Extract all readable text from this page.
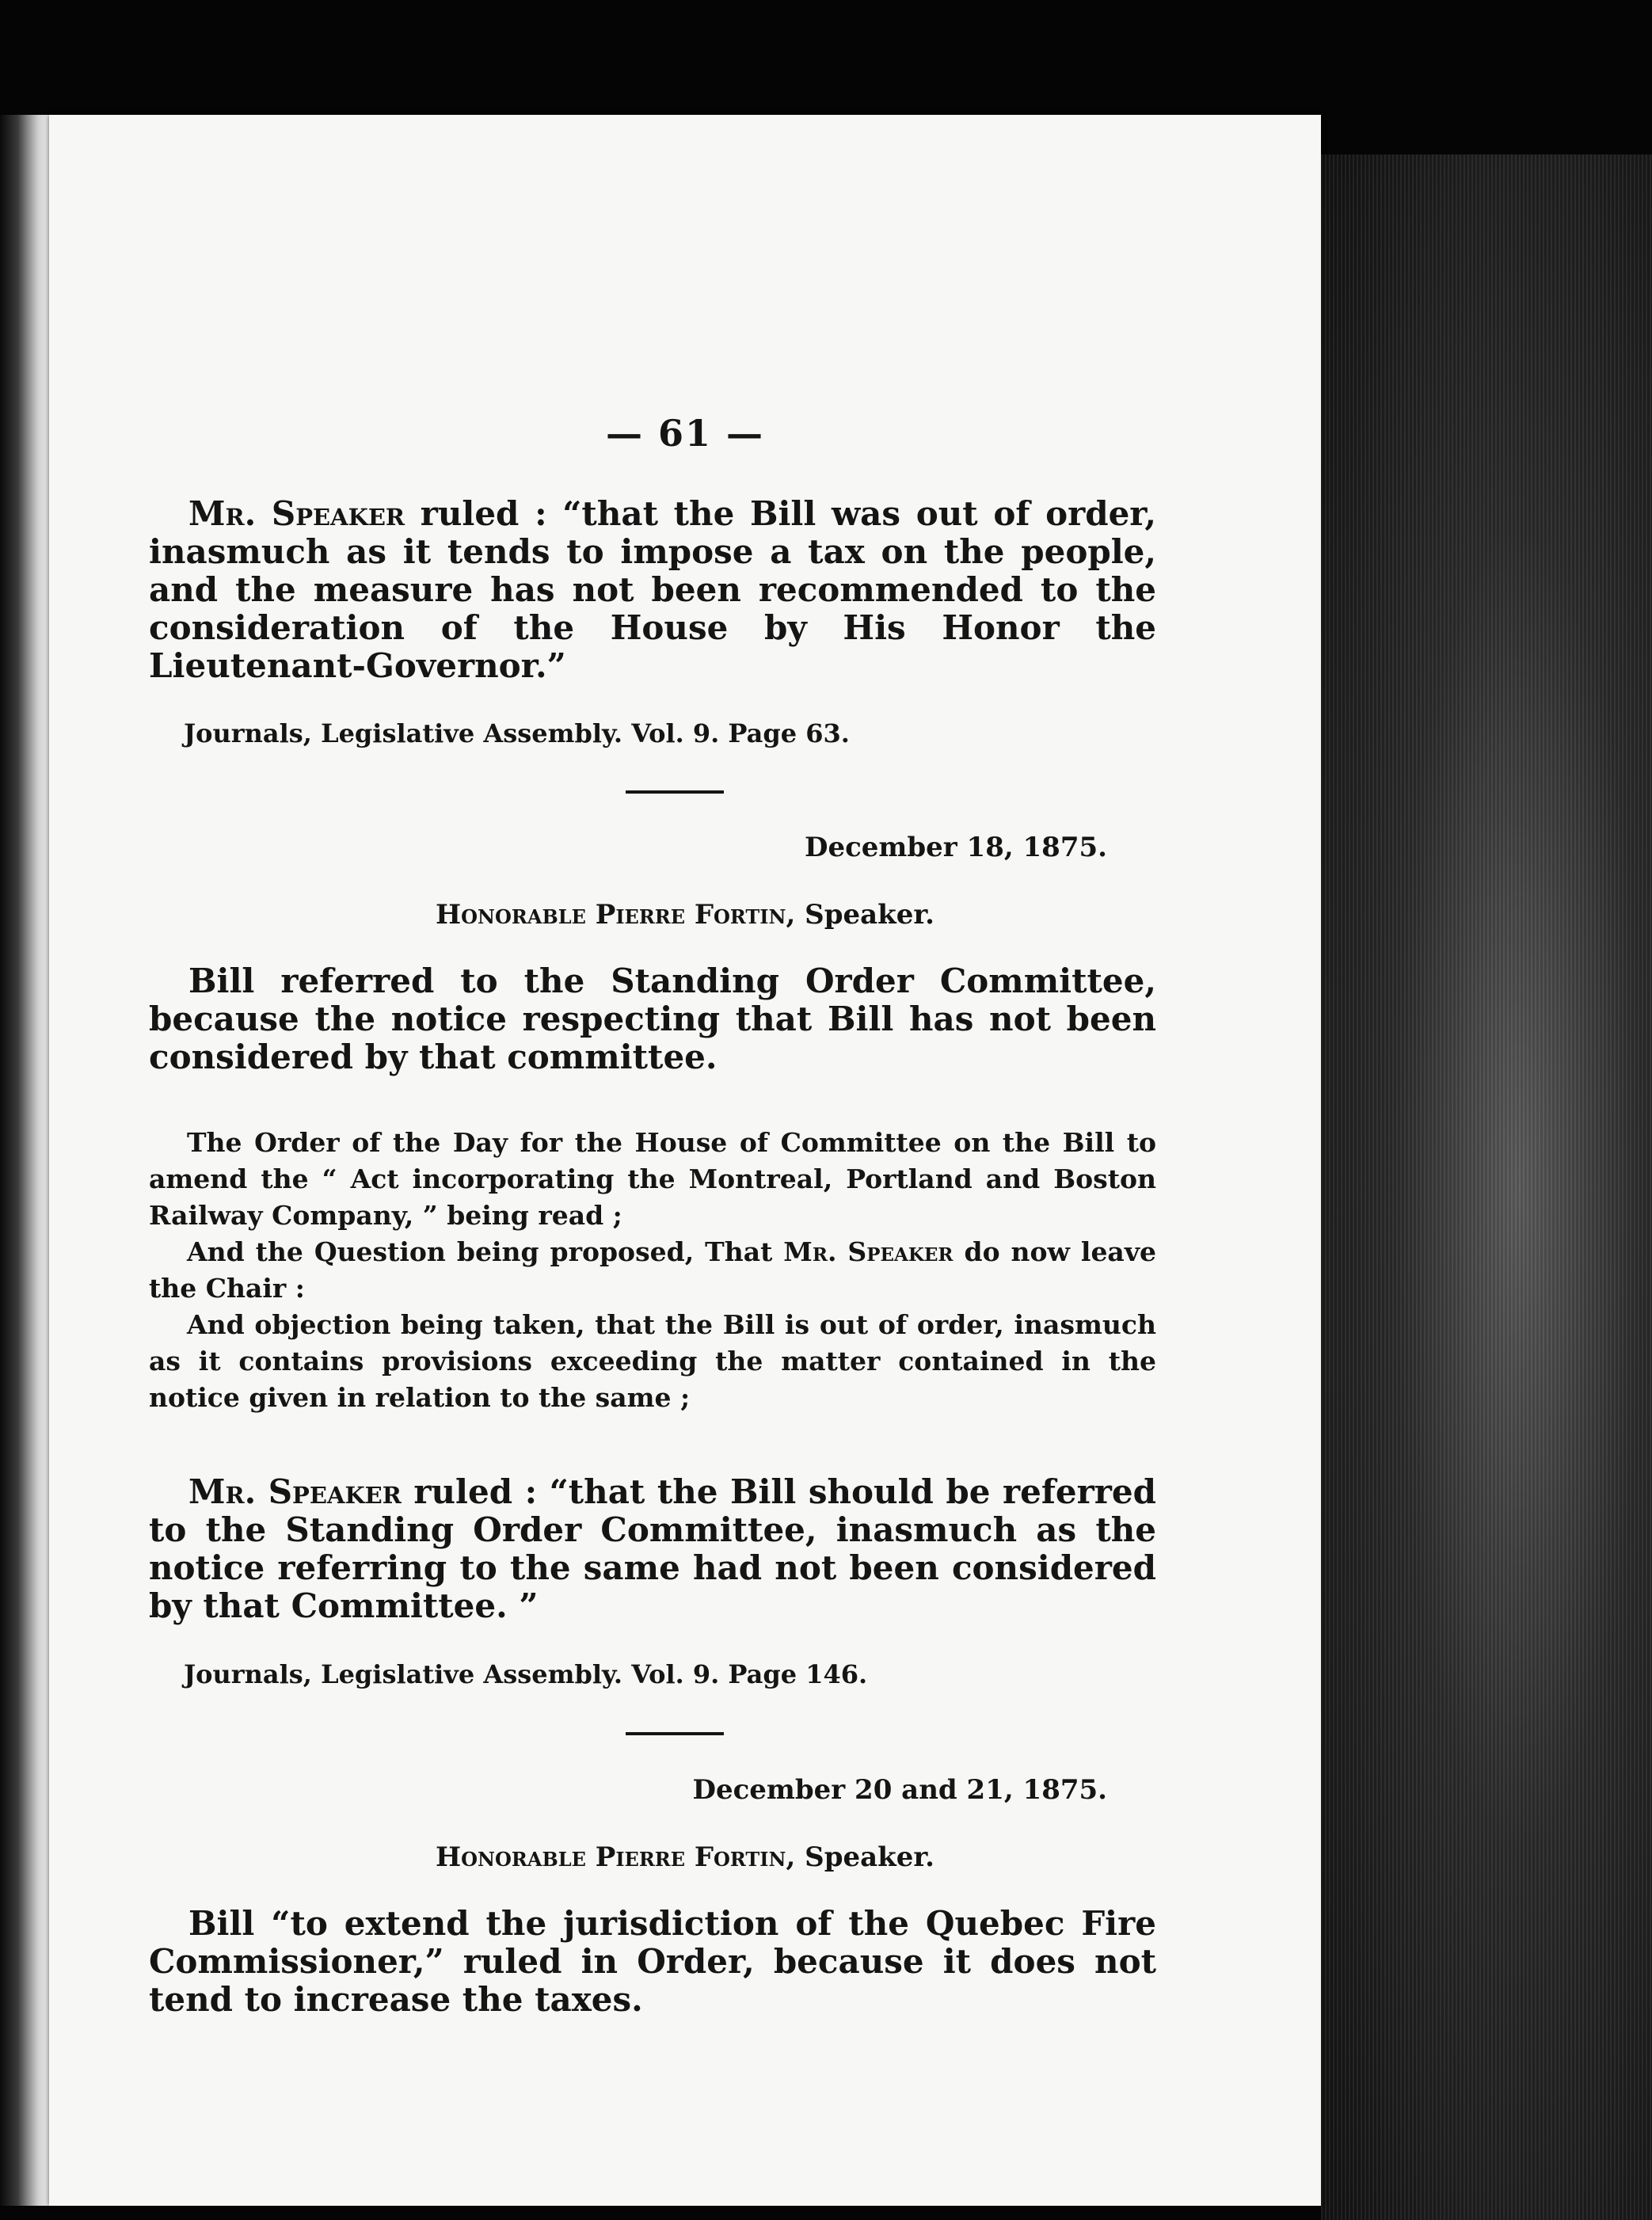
— 61 —

Mr. Speaker ruled : “that the Bill was out of order, inasmuch as it tends to impose a tax on the people, and the measure has not been recommended to the consideration of the House by His Honor the Lieutenant-Governor.”

Journals, Legislative Assembly. Vol. 9. Page 63.
December 18, 1875.
Honorable Pierre Fortin, Speaker.

Bill referred to the Standing Order Committee, because the notice respecting that Bill has not been considered by that committee.

The Order of the Day for the House of Committee on the Bill to amend the “ Act incorporating the Montreal, Portland and Boston Railway Company, ” being read ;

And the Question being proposed, That Mr. Speaker do now leave the Chair :

And objection being taken, that the Bill is out of order, inasmuch as it contains provisions exceeding the matter contained in the notice given in relation to the same ;

Mr. Speaker ruled : “that the Bill should be referred to the Standing Order Committee, inasmuch as the notice referring to the same had not been considered by that Committee. ”

Journals, Legislative Assembly. Vol. 9. Page 146.
December 20 and 21, 1875.
Honorable Pierre Fortin, Speaker.

Bill “to extend the jurisdiction of the Quebec Fire Commissioner,” ruled in Order, because it does not tend to increase the taxes.
